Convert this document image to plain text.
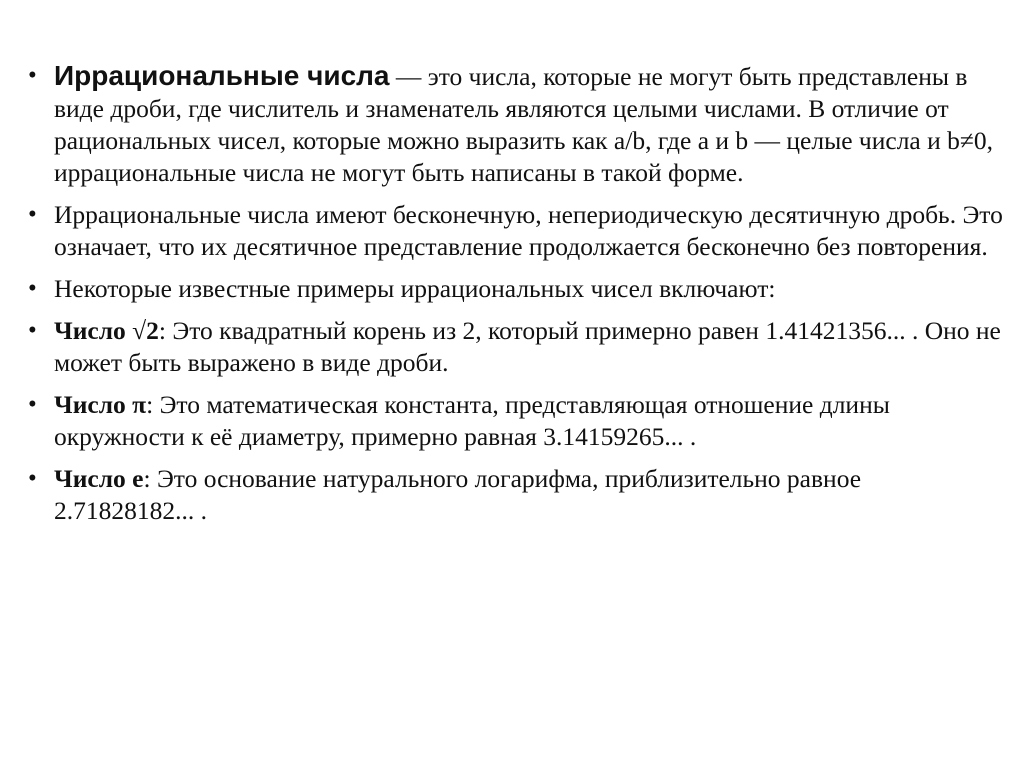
• Иррациональные числа — это числа, которые не могут быть представлены в виде дроби, где числитель и знаменатель являются целыми числами. В отличие от рациональных чисел, которые можно выразить как a/b, где a и b — целые числа и b≠0, иррациональные числа не могут быть написаны в такой форме.
• Иррациональные числа имеют бесконечную, непериодическую десятичную дробь. Это означает, что их десятичное представление продолжается бесконечно без повторения.
• Некоторые известные примеры иррациональных чисел включают:
• Число √2: Это квадратный корень из 2, который примерно равен 1.41421356... . Оно не может быть выражено в виде дроби.
• Число π: Это математическая константа, представляющая отношение длины окружности к её диаметру, примерно равная 3.14159265... .
• Число e: Это основание натурального логарифма, приблизительно равное 2.71828182... .
